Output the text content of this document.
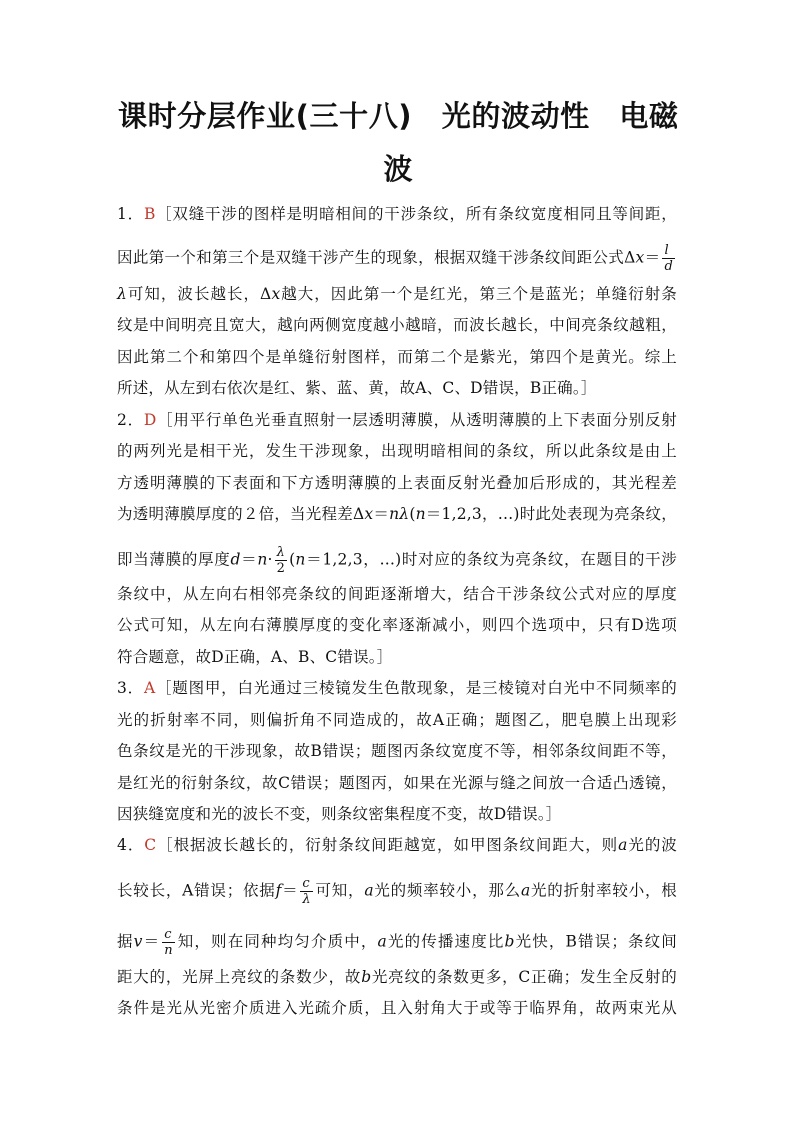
课时分层作业(三十八)　光的波动性　电磁
波
1．B［双缝干涉的图样是明暗相间的干涉条纹，所有条纹宽度相同且等间距，
因此第一个和第三个是双缝干涉产生的现象，根据双缝干涉条纹间距公式$\Delta x= \frac{l}{d}$
λ可知，波长越长，Δx越大，因此第一个是红光，第三个是蓝光；单缝衍射条
纹是中间明亮且宽大，越向两侧宽度越小越暗，而波长越长，中间亮条纹越粗，
因此第二个和第四个是单缝衍射图样，而第二个是紫光，第四个是黄光。综上
所述，从左到右依次是红、紫、蓝、黄，故A、C、D错误，B正确。］
2．D［用平行单色光垂直照射一层透明薄膜，从透明薄膜的上下表面分别反射
的两列光是相干光，发生干涉现象，出现明暗相间的条纹，所以此条纹是由上
方透明薄膜的下表面和下方透明薄膜的上表面反射光叠加后形成的，其光程差
为透明薄膜厚度的２倍，当光程差Δx＝nλ(n＝1,2,3，…)时此处表现为亮条纹，
即当薄膜的厚度$d=n\cdot \frac{\lambda}{2} (n=1,2,3$，…)时对应的条纹为亮条纹，在题目的干涉
条纹中，从左向右相邻亮条纹的间距逐渐增大，结合干涉条纹公式对应的厚度
公式可知，从左向右薄膜厚度的变化率逐渐减小，则四个选项中，只有D选项
符合题意，故D正确，A、B、C错误。］
3．A［题图甲，白光通过三棱镜发生色散现象，是三棱镜对白光中不同频率的
光的折射率不同，则偏折角不同造成的，故A正确；题图乙，肥皂膜上出现彩
色条纹是光的干涉现象，故B错误；题图丙条纹宽度不等，相邻条纹间距不等，
是红光的衍射条纹，故C错误；题图丙，如果在光源与缝之间放一合适凸透镜，
因狭缝宽度和光的波长不变，则条纹密集程度不变，故D错误。］
4．C［根据波长越长的，衍射条纹间距越宽，如甲图条纹间距大，则a光的波
长较长，A错误；依据$f= \frac{c}{\lambda}$ 可知，a光的频率较小，那么a光的折射率较小，根
据$v= \frac{c}{n}$ 知，则在同种均匀介质中，a光的传播速度比b光快，B错误；条纹间
距大的，光屏上亮纹的条数少，故b光亮纹的条数更多，C正确；发生全反射的
条件是光从光密介质进入光疏介质，且入射角大于或等于临界角，故两束光从
